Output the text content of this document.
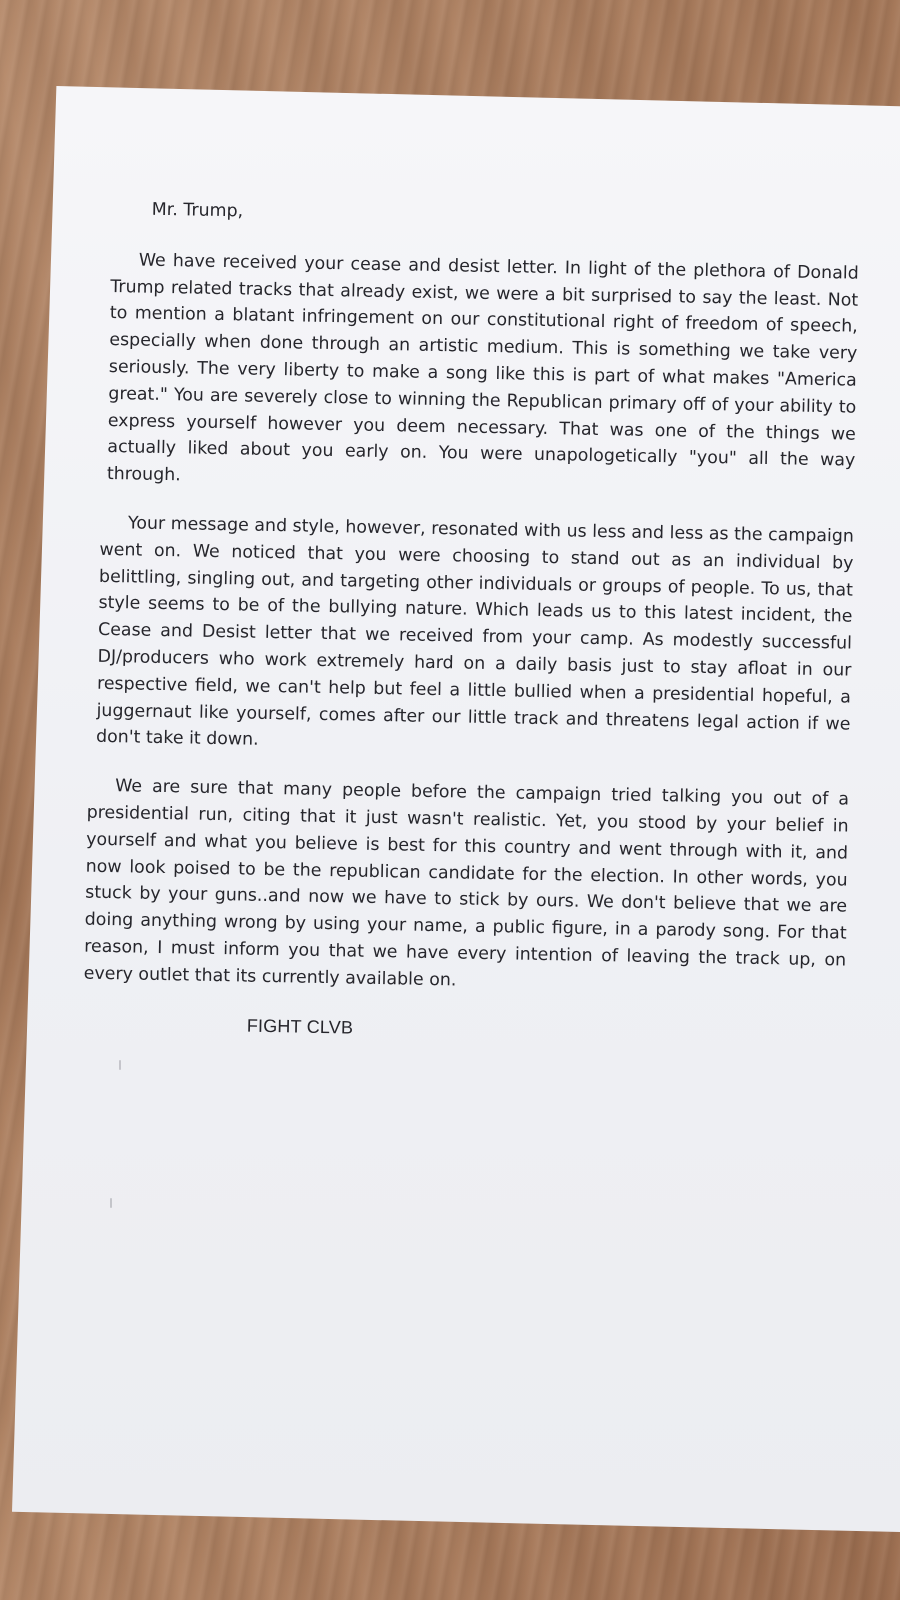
Mr. Trump,

We have received your cease and desist letter. In light of the plethora of Donald Trump related tracks that already exist, we were a bit surprised to say the least. Not to mention a blatant infringement on our constitutional right of freedom of speech, especially when done through an artistic medium. This is something we take very seriously. The very liberty to make a song like this is part of what makes "America great." You are severely close to winning the Republican primary off of your ability to express yourself however you deem necessary. That was one of the things we actually liked about you early on. You were unapologetically "you" all the way through.

Your message and style, however, resonated with us less and less as the campaign went on. We noticed that you were choosing to stand out as an individual by belittling, singling out, and targeting other individuals or groups of people. To us, that style seems to be of the bullying nature. Which leads us to this latest incident, the Cease and Desist letter that we received from your camp. As modestly successful DJ/producers who work extremely hard on a daily basis just to stay afloat in our respective field, we can't help but feel a little bullied when a presidential hopeful, a juggernaut like yourself, comes after our little track and threatens legal action if we don't take it down.

We are sure that many people before the campaign tried talking you out of a presidential run, citing that it just wasn't realistic. Yet, you stood by your belief in yourself and what you believe is best for this country and went through with it, and now look poised to be the republican candidate for the election. In other words, you stuck by your guns..and now we have to stick by ours. We don't believe that we are doing anything wrong by using your name, a public figure, in a parody song. For that reason, I must inform you that we have every intention of leaving the track up, on every outlet that its currently available on.

FIGHT CLVB
